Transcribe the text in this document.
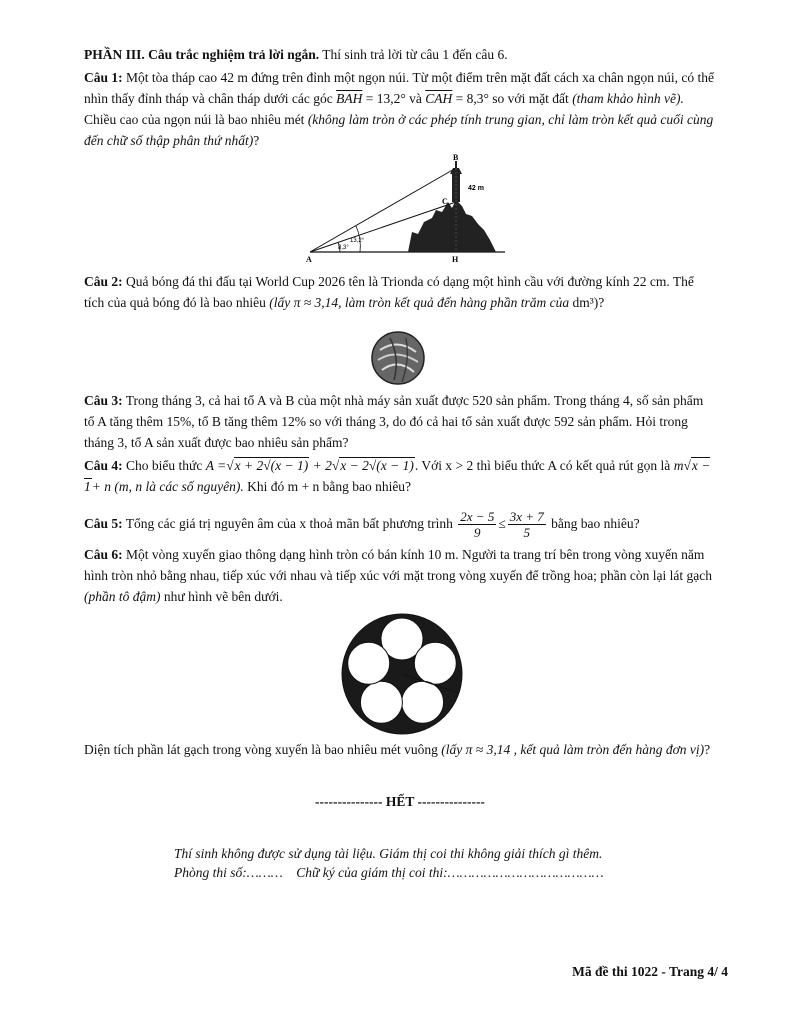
PHẦN III. Câu trắc nghiệm trả lời ngắn. Thí sinh trả lời từ câu 1 đến câu 6.

Câu 1: Một tòa tháp cao 42 m đứng trên đỉnh một ngọn núi. Từ một điểm trên mặt đất cách xa chân ngọn núi, có thể nhìn thấy đỉnh tháp và chân tháp dưới các góc $\overline{BAH} = 13,2^\circ$ và $\overline{CAH} = 8,3^\circ$ so với mặt đất (tham khảo hình vẽ). Chiều cao của ngọn núi là bao nhiêu mét (không làm tròn ở các phép tính trung gian, chỉ làm tròn kết quả cuối cùng đến chữ số thập phân thứ nhất)?

8,3°
13,2°
B
C
A	H
42 m

Câu 2: Quả bóng đá thi đấu tại World Cup 2026 tên là Trionda có dạng một hình cầu với đường kính 22 cm. Thể tích của quả bóng đó là bao nhiêu (lấy π ≈ 3,14, làm tròn kết quả đến hàng phần trăm của dm³)?

Câu 3: Trong tháng 3, cả hai tổ A và B của một nhà máy sản xuất được 520 sản phẩm. Trong tháng 4, số sản phẩm tổ A tăng thêm 15%, tổ B tăng thêm 12% so với tháng 3, do đó cả hai tổ sản xuất được 592 sản phẩm. Hỏi trong tháng 3, tổ A sản xuất được bao nhiêu sản phẩm?

Câu 4: Cho biểu thức A =√x + 2√(x − 1) + 2√x − 2√(x − 1). Với x > 2 thì biểu thức A có kết quả rút gọn là m√x − 1+ n (m, n là các số nguyên). Khi đó m + n bằng bao nhiêu?

Câu 5: Tổng các giá trị nguyên âm của x thoả mãn bất phương trình $\frac{2x - 5}{9} \le \frac{3x + 7}{5}$ bằng bao nhiêu?

Câu 6: Một vòng xuyến giao thông dạng hình tròn có bán kính 10 m. Người ta trang trí bên trong vòng xuyến năm hình tròn nhỏ bằng nhau, tiếp xúc với nhau và tiếp xúc với mặt trong vòng xuyến để trồng hoa; phần còn lại lát gạch (phần tô đậm) như hình vẽ bên dưới.

Diện tích phần lát gạch trong vòng xuyến là bao nhiêu mét vuông (lấy π ≈ 3,14 , kết quả làm tròn đến hàng đơn vị)?

--------------- HẾT ---------------

Thí sinh không được sử dụng tài liệu. Giám thị coi thi không giải thích gì thêm.

Phòng thi số:……… Chữ ký của giám thị coi thi:…………………………………

Mã đề thi 1022 - Trang 4/ 4
